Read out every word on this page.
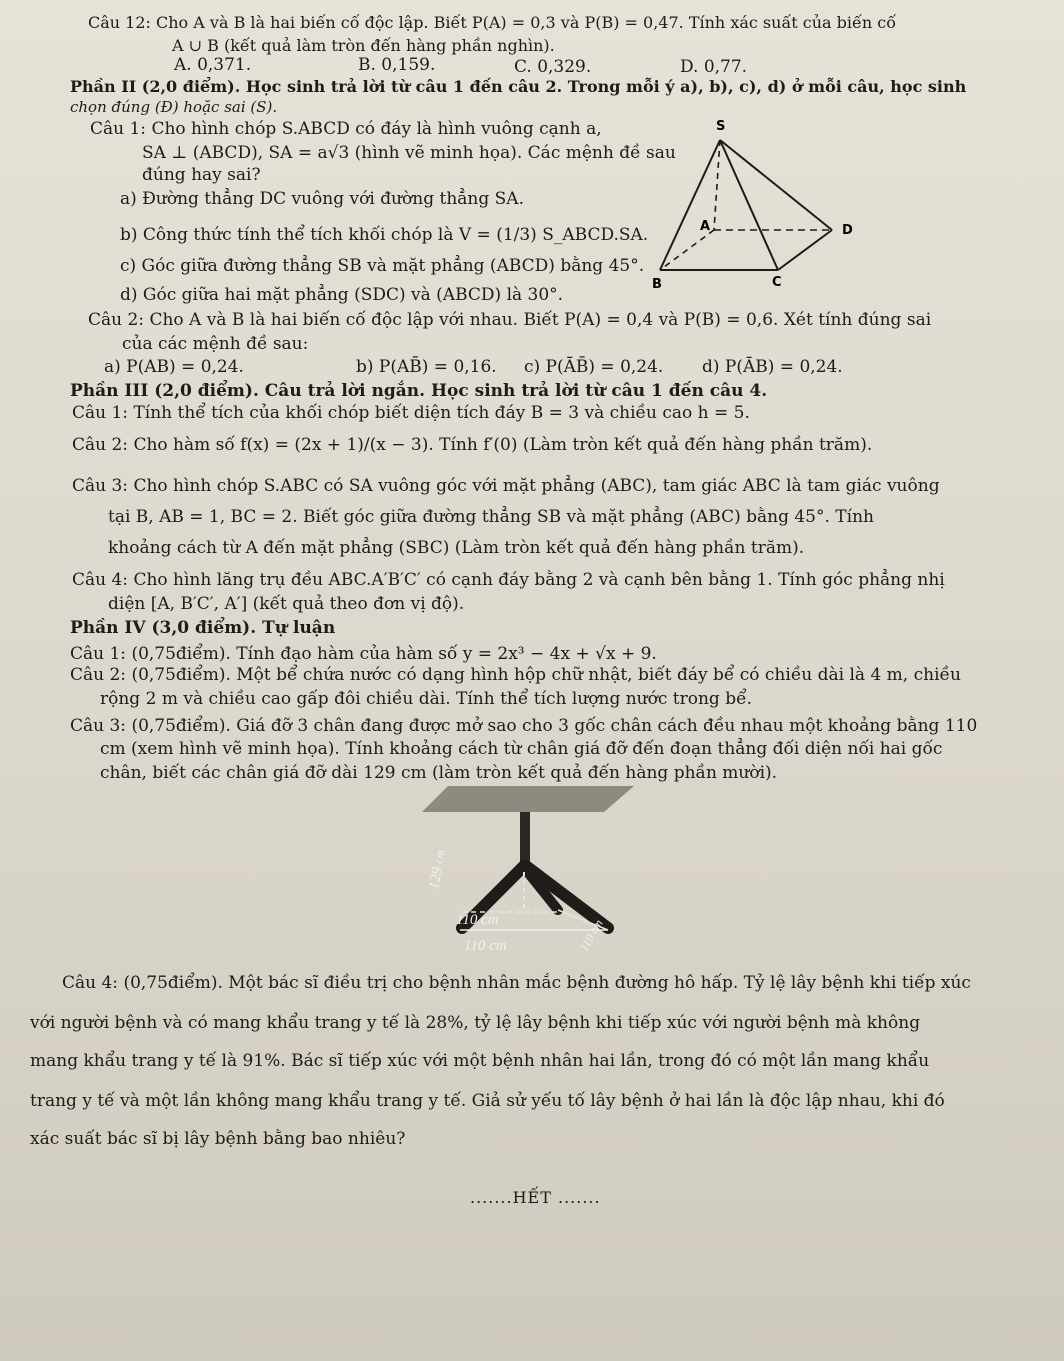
Câu 12: Cho A và B là hai biến cố độc lập. Biết P(A) = 0,3 và P(B) = 0,47. Tính xác suất của biến cố
A ∪ B (kết quả làm tròn đến hàng phần nghìn).
A. 0,371.	B. 0,159.	C. 0,329.	D. 0,77.
Phần II (2,0 điểm). Học sinh trả lời từ câu 1 đến câu 2. Trong mỗi ý a), b), c), d) ở mỗi câu, học sinh
chọn đúng (Đ) hoặc sai (S).
Câu 1: Cho hình chóp S.ABCD có đáy là hình vuông cạnh a,
SA ⊥ (ABCD), SA = a√3 (hình vẽ minh họa). Các mệnh đề sau
đúng hay sai?
a) Đường thẳng DC vuông với đường thẳng SA.
b) Công thức tính thể tích khối chóp là V = (1/3) S_ABCD.SA.
c) Góc giữa đường thẳng SB và mặt phẳng (ABCD) bằng 45°.
d) Góc giữa hai mặt phẳng (SDC) và (ABCD) là 30°.
S
A	D
B	C
Câu 2: Cho A và B là hai biến cố độc lập với nhau. Biết P(A) = 0,4 và P(B) = 0,6. Xét tính đúng sai
của các mệnh đề sau:
a) P(AB) = 0,24.	b) P(AB̄) = 0,16. c) P(ĀB̄) = 0,24. d) P(ĀB) = 0,24.
Phần III (2,0 điểm). Câu trả lời ngắn. Học sinh trả lời từ câu 1 đến câu 4.
Câu 1: Tính thể tích của khối chóp biết diện tích đáy B = 3 và chiều cao h = 5.
Câu 2: Cho hàm số f(x) = (2x + 1)/(x − 3). Tính f′(0) (Làm tròn kết quả đến hàng phần trăm).
Câu 3: Cho hình chóp S.ABC có SA vuông góc với mặt phẳng (ABC), tam giác ABC là tam giác vuông
tại B, AB = 1, BC = 2. Biết góc giữa đường thẳng SB và mặt phẳng (ABC) bằng 45°. Tính
khoảng cách từ A đến mặt phẳng (SBC) (Làm tròn kết quả đến hàng phần trăm).
Câu 4: Cho hình lăng trụ đều ABC.A′B′C′ có cạnh đáy bằng 2 và cạnh bên bằng 1. Tính góc phẳng nhị
diện [A, B′C′, A′] (kết quả theo đơn vị độ).
Phần IV (3,0 điểm). Tự luận
Câu 1: (0,75điểm). Tính đạo hàm của hàm số y = 2x³ − 4x + √x + 9.
Câu 2: (0,75điểm). Một bể chứa nước có dạng hình hộp chữ nhật, biết đáy bể có chiều dài là 4 m, chiều
rộng 2 m và chiều cao gấp đôi chiều dài. Tính thể tích lượng nước trong bể.
Câu 3: (0,75điểm). Giá đỡ 3 chân đang được mở sao cho 3 gốc chân cách đều nhau một khoảng bằng 110
cm (xem hình vẽ minh họa). Tính khoảng cách từ chân giá đỡ đến đoạn thẳng đối diện nối hai gốc
chân, biết các chân giá đỡ dài 129 cm (làm tròn kết quả đến hàng phần mười).
129
cm
110 cm
110 cm	110 cm
Câu 4: (0,75điểm). Một bác sĩ điều trị cho bệnh nhân mắc bệnh đường hô hấp. Tỷ lệ lây bệnh khi tiếp xúc
với người bệnh và có mang khẩu trang y tế là 28%, tỷ lệ lây bệnh khi tiếp xúc với người bệnh mà không
mang khẩu trang y tế là 91%. Bác sĩ tiếp xúc với một bệnh nhân hai lần, trong đó có một lần mang khẩu
trang y tế và một lần không mang khẩu trang y tế. Giả sử yếu tố lây bệnh ở hai lần là độc lập nhau, khi đó
xác suất bác sĩ bị lây bệnh bằng bao nhiêu?
.......HẾT .......
